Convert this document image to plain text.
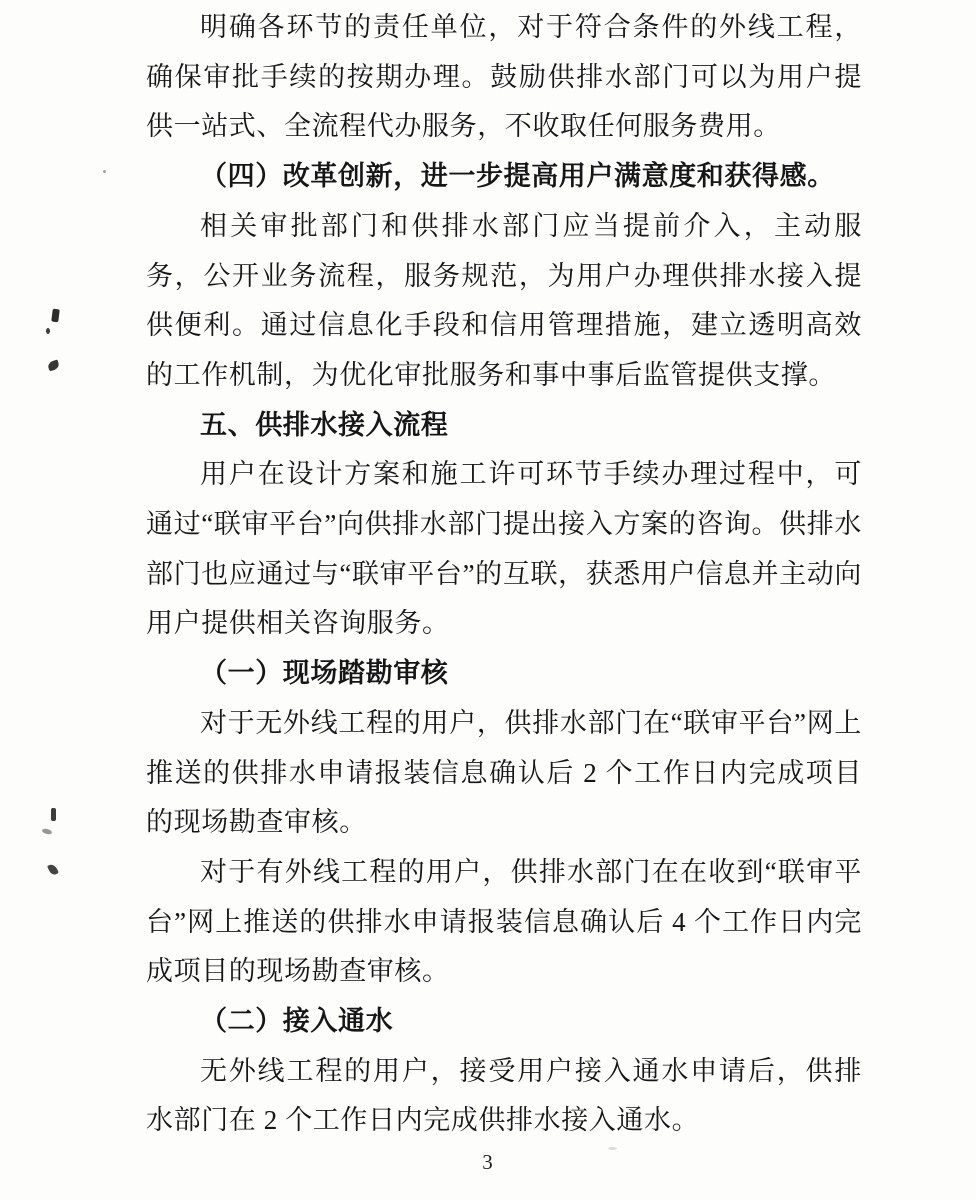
明确各环节的责任单位，对于符合条件的外线工程，确保审批手续的按期办理。鼓励供排水部门可以为用户提供一站式、全流程代办服务，不收取任何服务费用。

（四）改革创新，进一步提高用户满意度和获得感。

相关审批部门和供排水部门应当提前介入，主动服务，公开业务流程，服务规范，为用户办理供排水接入提供便利。通过信息化手段和信用管理措施，建立透明高效的工作机制，为优化审批服务和事中事后监管提供支撑。

五、供排水接入流程

用户在设计方案和施工许可环节手续办理过程中，可通过“联审平台”向供排水部门提出接入方案的咨询。供排水部门也应通过与“联审平台”的互联，获悉用户信息并主动向用户提供相关咨询服务。

（一）现场踏勘审核

对于无外线工程的用户，供排水部门在“联审平台”网上推送的供排水申请报装信息确认后 2 个工作日内完成项目的现场勘查审核。

对于有外线工程的用户，供排水部门在在收到“联审平台”网上推送的供排水申请报装信息确认后 4 个工作日内完成项目的现场勘查审核。

（二）接入通水

无外线工程的用户，接受用户接入通水申请后，供排水部门在 2 个工作日内完成供排水接入通水。

3
